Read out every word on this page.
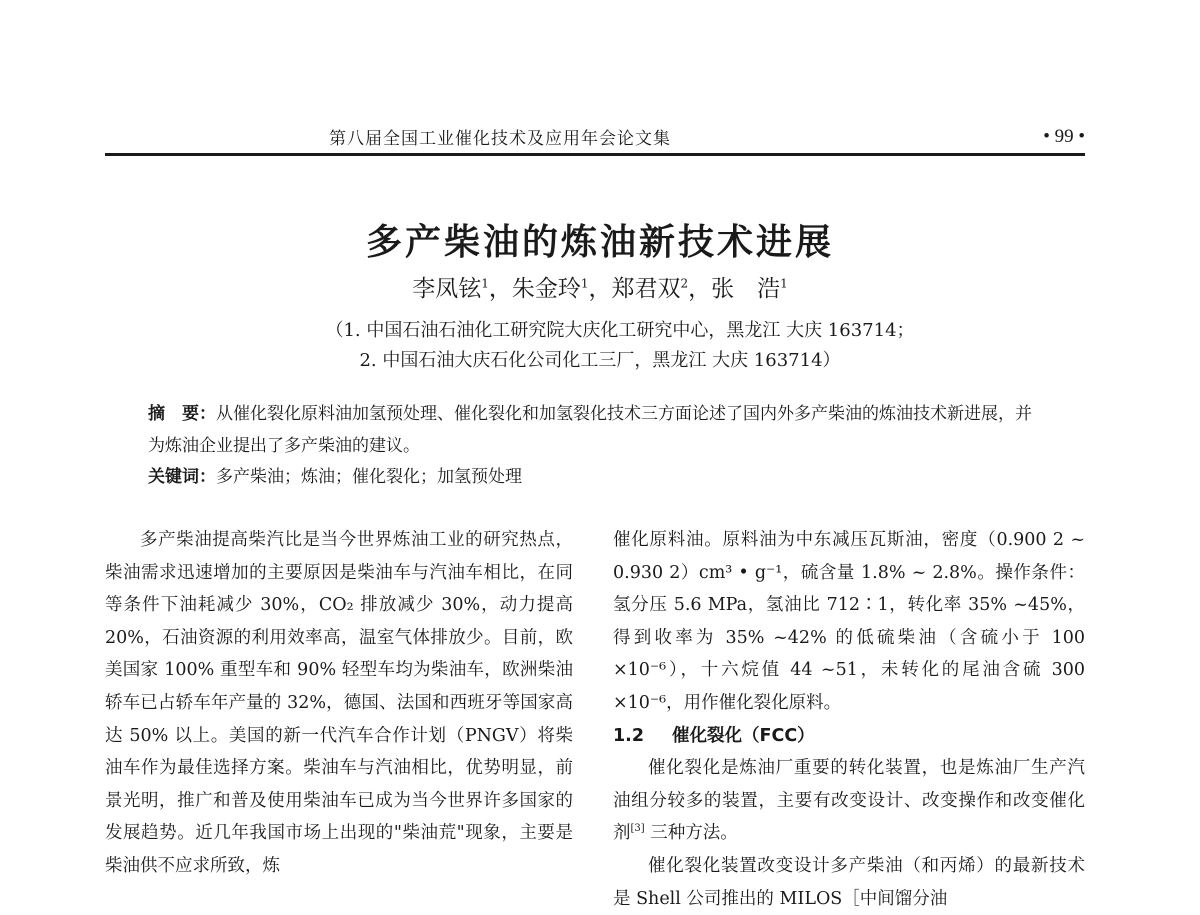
第八届全国工业催化技术及应用年会论文集	• 99 •
多产柴油的炼油新技术进展
李凤铉$^1$，朱金玲$^1$，郑君双$^2$，张　浩$^1$
（1. 中国石油石油化工研究院大庆化工研究中心，黑龙江 大庆 163714；
2. 中国石油大庆石化公司化工三厂，黑龙江 大庆 163714）
摘　要：从催化裂化原料油加氢预处理、催化裂化和加氢裂化技术三方面论述了国内外多产柴油的炼油技术新进展，并为炼油企业提出了多产柴油的建议。
关键词：多产柴油；炼油；催化裂化；加氢预处理

多产柴油提高柴汽比是当今世界炼油工业的研究热点，柴油需求迅速增加的主要原因是柴油车与汽油车相比，在同等条件下油耗减少 30%，CO₂ 排放减少 30%，动力提高 20%，石油资源的利用效率高，温室气体排放少。目前，欧美国家 100% 重型车和 90% 轻型车均为柴油车，欧洲柴油轿车已占轿车年产量的 32%，德国、法国和西班牙等国家高达 50% 以上。美国的新一代汽车合作计划（PNGV）将柴油车作为最佳选择方案。柴油车与汽油相比，优势明显，前景光明，推广和普及使用柴油车已成为当今世界许多国家的发展趋势。近几年我国市场上出现的"柴油荒"现象，主要是柴油供不应求所致，炼

催化原料油。原料油为中东减压瓦斯油，密度（0.900 2 ~ 0.930 2）cm³ • g⁻¹，硫含量 1.8% ~ 2.8%。操作条件：氢分压 5.6 MPa，氢油比 712∶1，转化率 35% ~45%，得到收率为 35% ~42% 的低硫柴油（含硫小于 100 ×10⁻⁶），十六烷值 44 ~51，未转化的尾油含硫 300 ×10⁻⁶，用作催化裂化原料。

1.2 催化裂化（FCC）

催化裂化是炼油厂重要的转化装置，也是炼油厂生产汽油组分较多的装置，主要有改变设计、改变操作和改变催化剂[3] 三种方法。

催化裂化装置改变设计多产柴油（和丙烯）的最新技术是 Shell 公司推出的 MILOS［中间馏分油
